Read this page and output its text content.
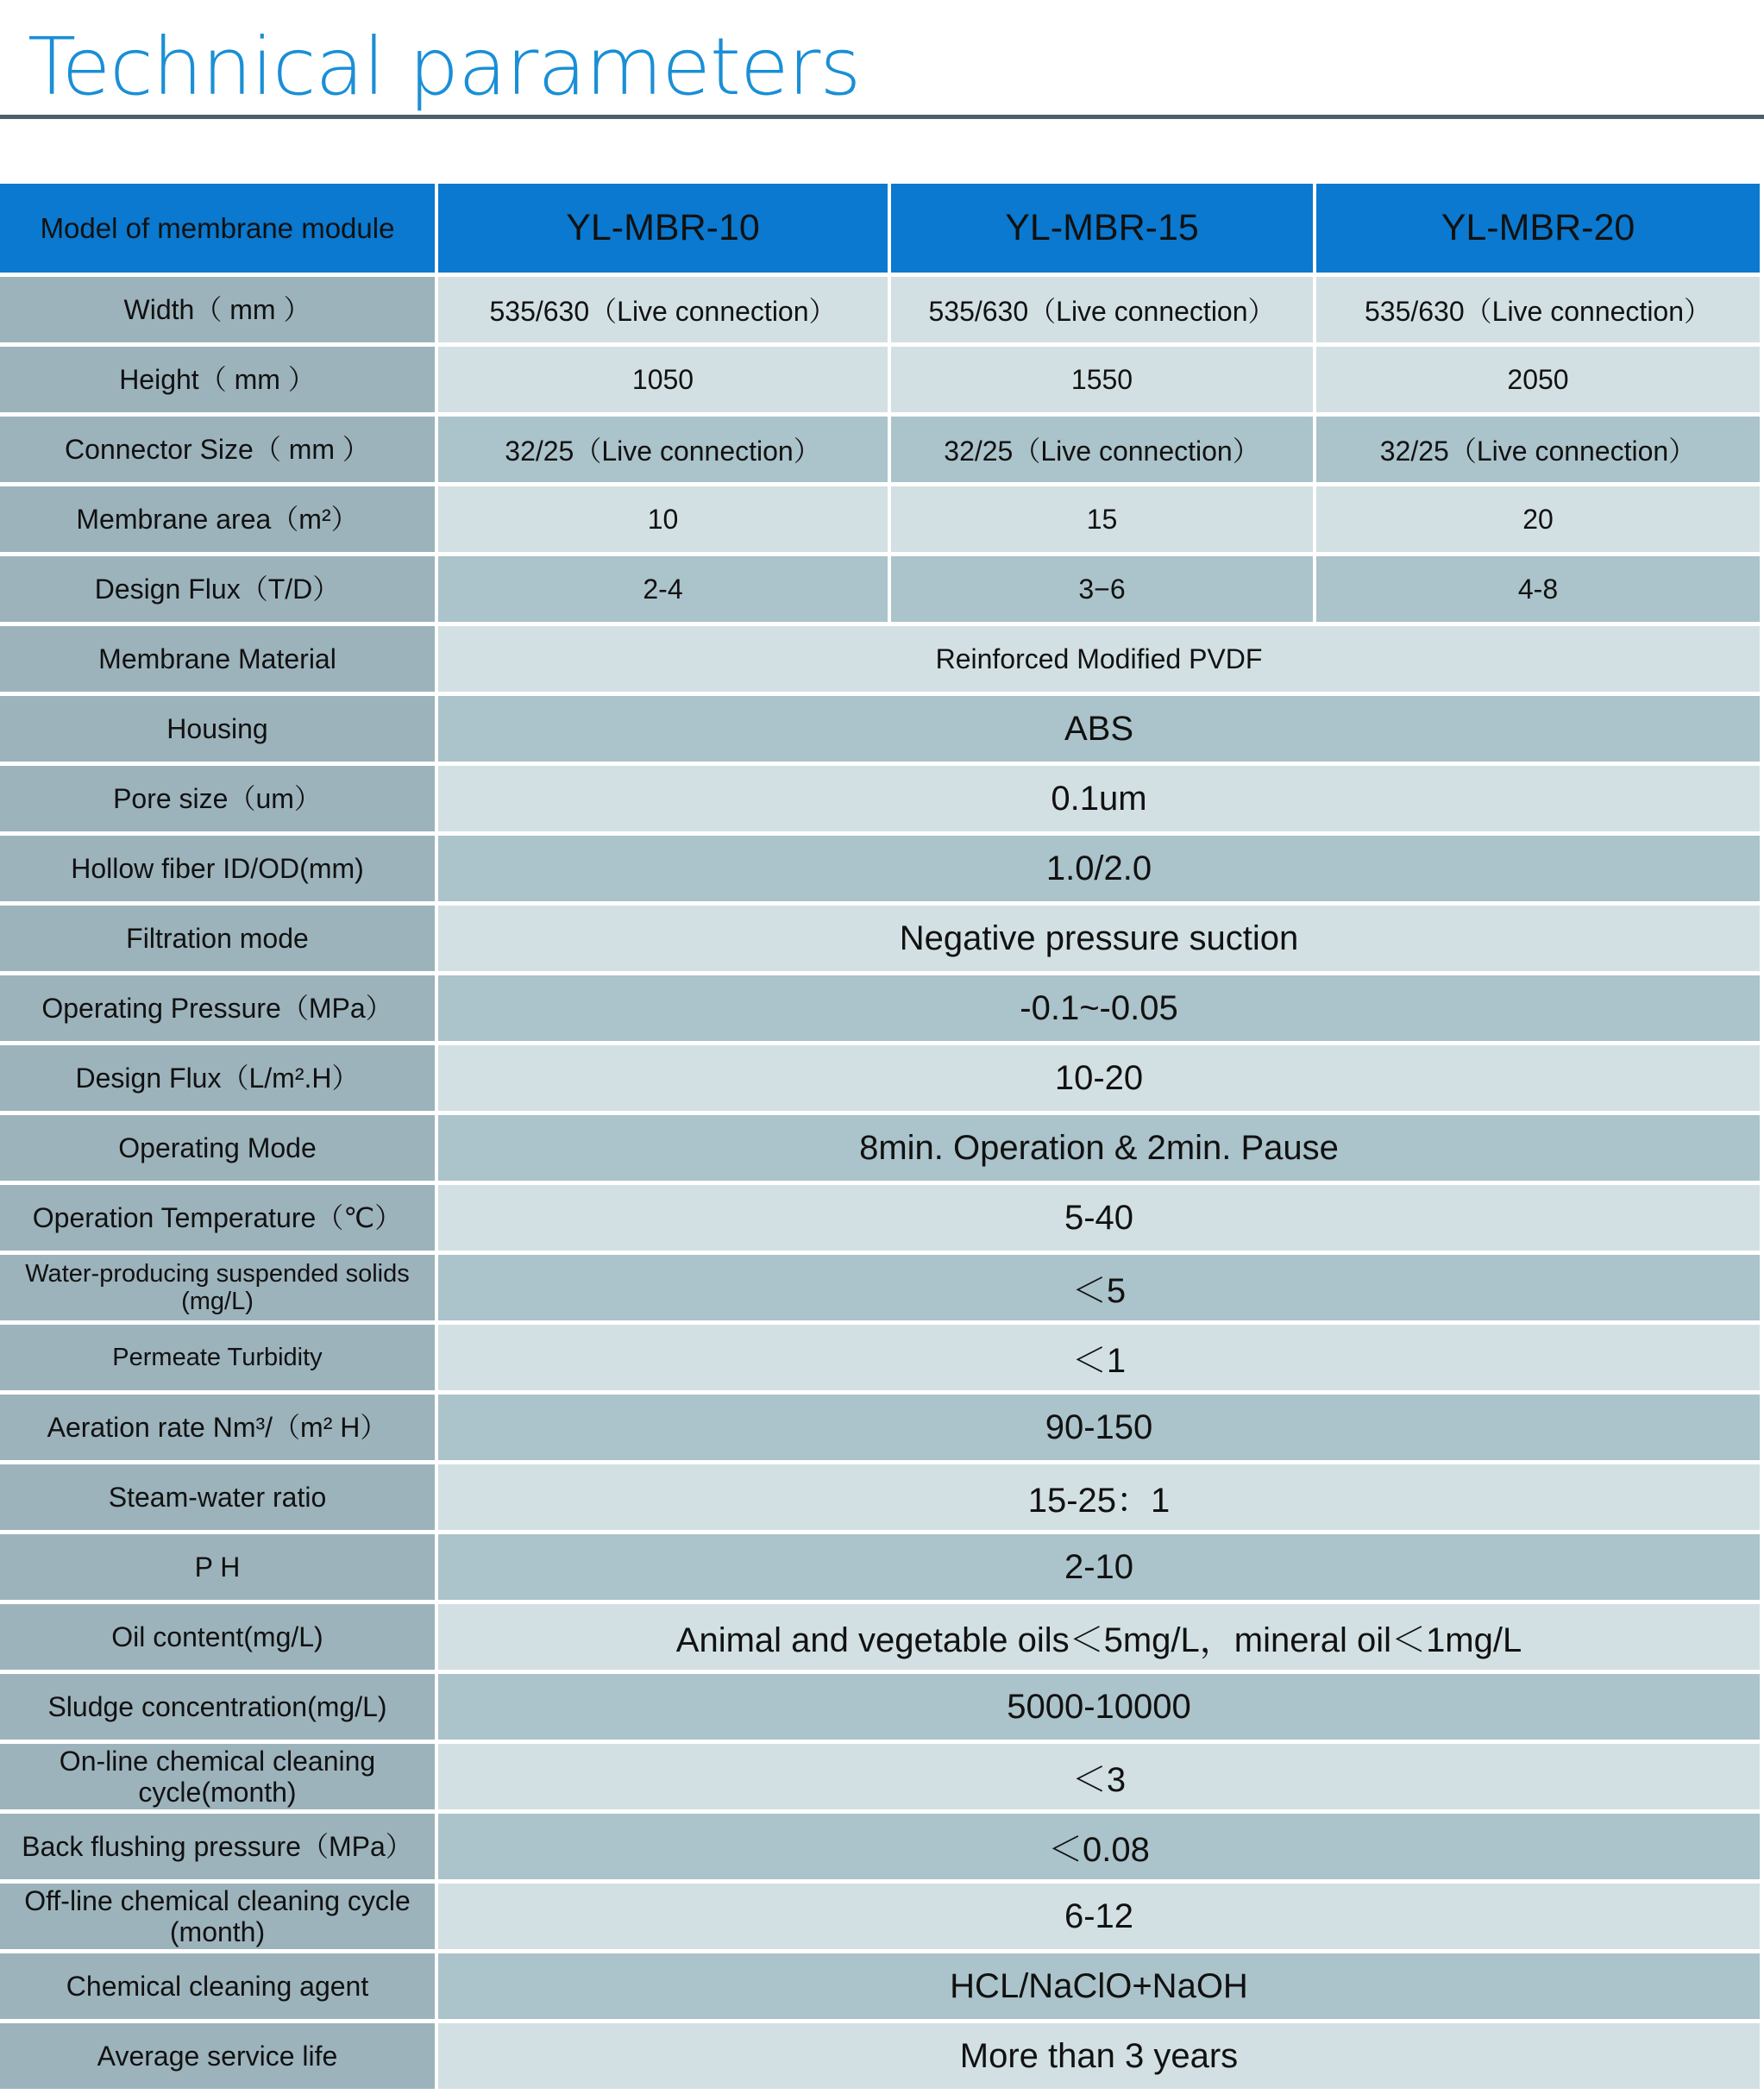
Technical parameters
Model of membrane module	YL-MBR-10	YL-MBR-15	YL-MBR-20
Width（ mm ）	535/630（Live connection）	535/630（Live connection）	535/630（Live connection）
Height（ mm ）	1050	1550	2050
Connector Size（ mm ）	32/25（Live connection）	32/25（Live connection）	32/25（Live connection）
Membrane area（m²）	10	15	20
Design Flux（T/D）	2-4	3−6	4-8
Membrane Material	Reinforced Modified PVDF		
Housing	ABS		
Pore size（um）	0.1um		
Hollow fiber ID/OD(mm)	1.0/2.0		
Filtration mode	Negative pressure suction		
Operating Pressure（MPa）	-0.1~-0.05		
Design Flux（L/m².H）	10-20		
Operating Mode	8min. Operation & 2min. Pause		
Operation Temperature（℃）	5-40		
Water-producing suspended solids (mg/L)	＜5		
Permeate Turbidity	＜1		
Aeration rate Nm³/（m² H）	90-150		
Steam-water ratio	15-25：1		
P H	2-10		
Oil content(mg/L)	Animal and vegetable oils＜5mg/L，mineral oil＜1mg/L		
Sludge concentration(mg/L)	5000-10000		
On-line chemical cleaning cycle(month)	＜3		
Back flushing pressure（MPa）	＜0.08		
Off-line chemical cleaning cycle (month)	6-12		
Chemical cleaning agent	HCL/NaClO+NaOH		
Average service life	More than 3 years		
